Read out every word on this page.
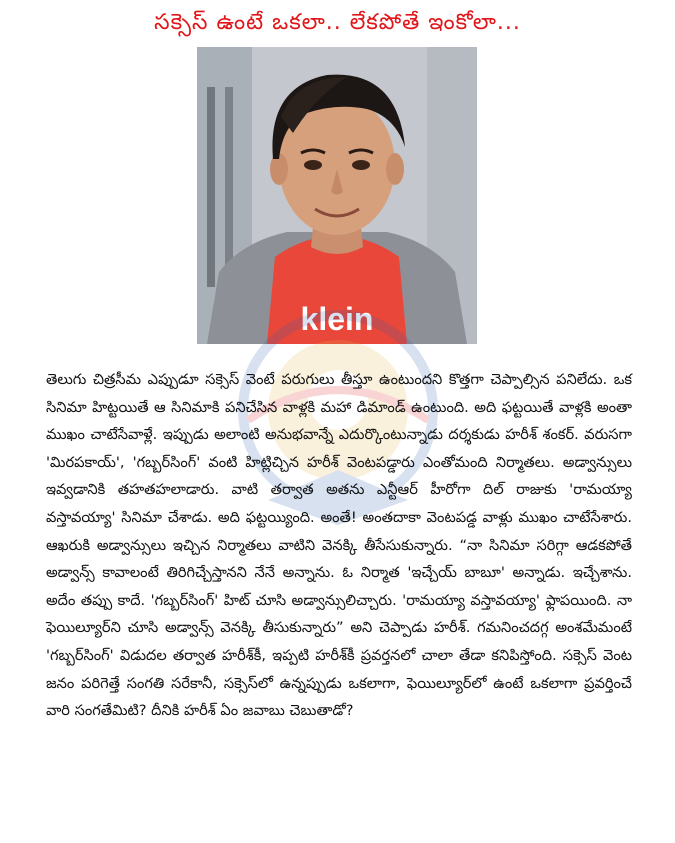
సక్సెస్ ఉంటే ఒకలా.. లేకపోతే ఇంకోలా...
klein

తెలుగు చిత్రసీమ ఎప్పుడూ సక్సెస్ వెంటే పరుగులు తీస్తూ ఉంటుందని కొత్తగా చెప్పాల్సిన పనిలేదు. ఒక సినిమా హిట్టయితే ఆ సినిమాకి పనిచేసిన వాళ్లకి మహా డిమాండ్ ఉంటుంది. అది ఫట్టయితే వాళ్లకి అంతా ముఖం చాటేసేవాళ్లే. ఇప్పుడు అలాంటి అనుభవాన్నే ఎదుర్కొంటున్నాడు దర్శకుడు హరీశ్ శంకర్. వరుసగా 'మిరపకాయ్', 'గబ్బర్‌సింగ్' వంటి హిట్లిచ్చిన హరీశ్ వెంటపడ్డారు ఎంతోమంది నిర్మాతలు. అడ్వాన్సులు ఇవ్వడానికి తహతహలాడారు. వాటి తర్వాత అతను ఎన్టీఆర్ హీరోగా దిల్ రాజుకు 'రామయ్యా వస్తావయ్యా' సినిమా చేశాడు. అది ఫట్టయ్యింది. అంతే! అంతదాకా వెంటపడ్డ వాళ్లు ముఖం చాటేసేశారు. ఆఖరుకి అడ్వాన్సులు ఇచ్చిన నిర్మాతలు వాటిని వెనక్కి తీసేసుకున్నారు. “నా సినిమా సరిగ్గా ఆడకపోతే అడ్వాన్స్ కావాలంటే తిరిగిచ్చేస్తానని నేనే అన్నాను. ఓ నిర్మాత 'ఇచ్చేయ్ బాబూ' అన్నాడు. ఇచ్చేశాను. అదేం తప్పు కాదే. 'గబ్బర్‌సింగ్' హిట్ చూసి అడ్వాన్సులిచ్చారు. 'రామయ్యా వస్తావయ్యా' ఫ్లాపయింది. నా ఫెయిల్యూర్‌ని చూసి అడ్వాన్స్ వెనక్కి తీసుకున్నారు” అని చెప్పాడు హరీశ్. గమనించదగ్గ అంశమేమంటే 'గబ్బర్‌సింగ్' విడుదల తర్వాత హరీశ్‌కీ, ఇప్పటి హరీశ్‌కీ ప్రవర్తనలో చాలా తేడా కనిపిస్తోంది. సక్సెస్ వెంట జనం పరిగెత్తే సంగతి సరేకానీ, సక్సెస్‌లో ఉన్నప్పుడు ఒకలాగా, ఫెయిల్యూర్‌లో ఉంటే ఒకలాగా ప్రవర్తించే వారి సంగతేమిటి? దీనికి హరీశ్ ఏం జవాబు చెబుతాడో?
